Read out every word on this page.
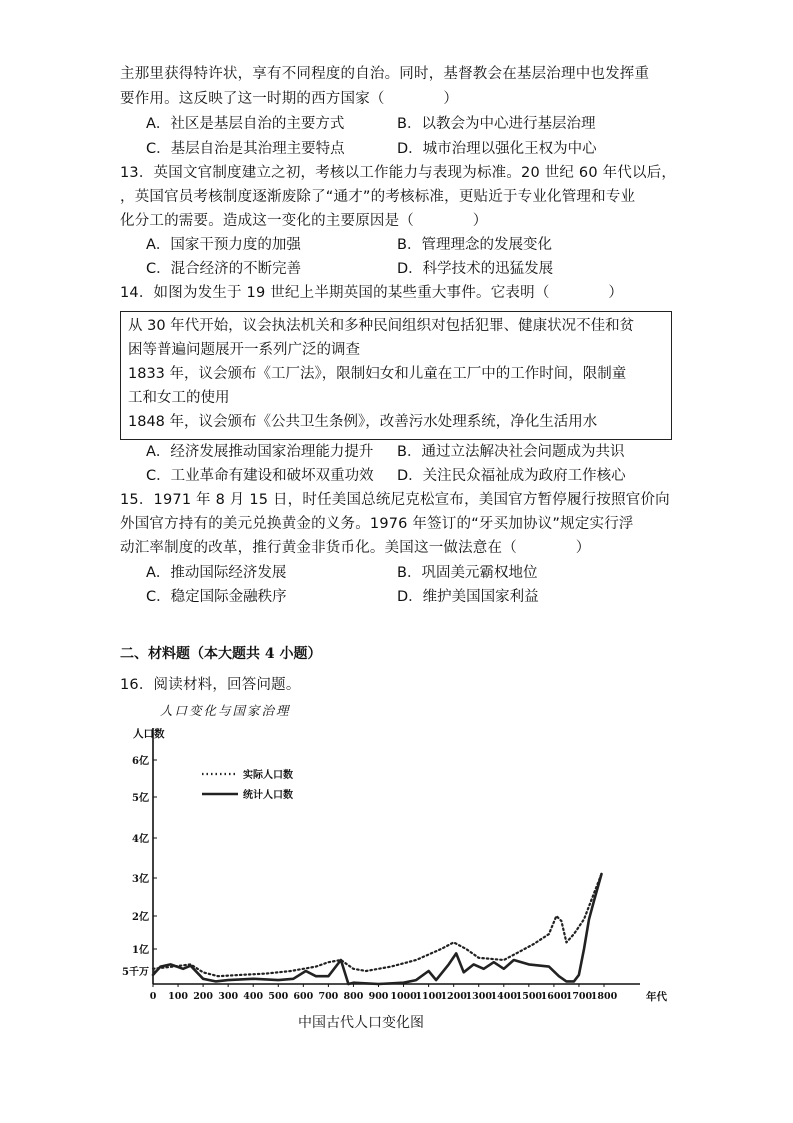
主那里获得特许状，享有不同程度的自治。同时，基督教会在基层治理中也发挥重
要作用。这反映了这一时期的西方国家（　　　　）
A．社区是基层自治的主要方式	B．以教会为中心进行基层治理
C．基层自治是其治理主要特点	D．城市治理以强化王权为中心
13．英国文官制度建立之初，考核以工作能力与表现为标准。20 世纪 60 年代以后，
，英国官员考核制度逐渐废除了“通才”的考核标准，更贴近于专业化管理和专业
化分工的需要。造成这一变化的主要原因是（　　　　）
A．国家干预力度的加强	B．管理理念的发展变化
C．混合经济的不断完善	D．科学技术的迅猛发展
14．如图为发生于 19 世纪上半期英国的某些重大事件。它表明（　　　　）
从 30 年代开始，议会执法机关和多种民间组织对包括犯罪、健康状况不佳和贫
困等普遍问题展开一系列广泛的调查
1833 年，议会颁布《工厂法》，限制妇女和儿童在工厂中的工作时间，限制童
工和女工的使用
1848 年，议会颁布《公共卫生条例》，改善污水处理系统，净化生活用水
A．经济发展推动国家治理能力提升 B．通过立法解决社会问题成为共识
C．工业革命有建设和破坏双重功效 D．关注民众福祉成为政府工作核心
15．1971 年 8 月 15 日，时任美国总统尼克松宣布，美国官方暂停履行按照官价向
外国官方持有的美元兑换黄金的义务。1976 年签订的“牙买加协议”规定实行浮
动汇率制度的改革，推行黄金非货币化。美国这一做法意在（　　　　）
A．推动国际经济发展	B．巩固美元霸权地位
C．稳定国际金融秩序	D．维护美国国家利益
二、材料题（本大题共 4 小题）
16．阅读材料，回答问题。
人口变化与国家治理
人口数
年代
5千万
1亿
2亿
3亿
4亿
5亿
6亿
0 100 200 300 400 500 600 700 800 900 1000
1100
1200
1300
1400
1500
1600
1700
1800
实际人口数
统计人口数
中国古代人口变化图
